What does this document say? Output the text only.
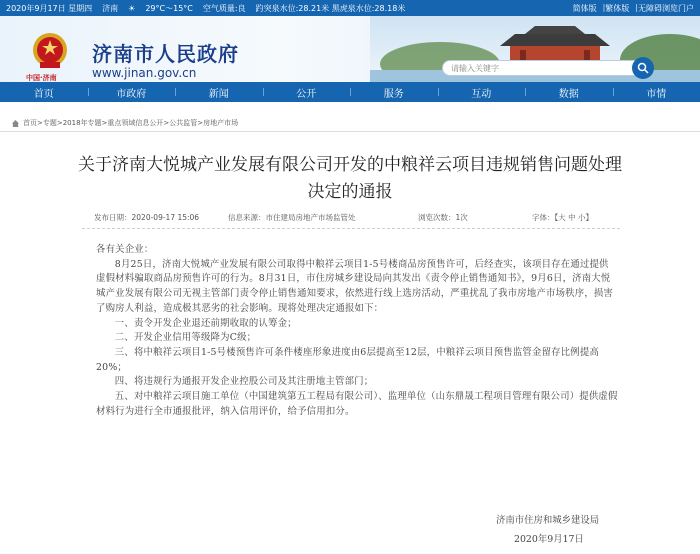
2020年9月17日 星期四 济南 ☀ 29°C～15°C 空气质量:良 趵突泉水位:28.21米 黑虎泉水位:28.18米	简体版 | 繁体版 | 无障碍浏览门户
中国·济南
济南市人民政府
www.jinan.gov.cn	请输入关键字
首页	市政府	新闻	公开	服务	互动	数据	市情
首页>专题>2018年专题>重点领域信息公开>公共监管>房地产市场
关于济南大悦城产业发展有限公司开发的中粮祥云项目违规销售问题处理
决定的通报
发布日期：2020-09-17 15:06	信息来源：市住建局房地产市场监管处	浏览次数：1次	字体：【大 中 小】

各有关企业：

8月25日，济南大悦城产业发展有限公司取得中粮祥云项目1-5号楼商品房预售许可，后经查实，该项目存在通过提供虚假材料骗取商品房预售许可的行为。8月31日，市住房城乡建设局向其发出《责令停止销售通知书》，9月6日，济南大悦城产业发展有限公司无视主管部门责令停止销售通知要求，依然进行线上选房活动，严重扰乱了我市房地产市场秩序，损害了购房人利益，造成极其恶劣的社会影响。现将处理决定通报如下：

一、责令开发企业退还前期收取的认筹金；

二、开发企业信用等级降为C级；

三、将中粮祥云项目1-5号楼预售许可条件楼座形象进度由6层提高至12层，中粮祥云项目预售监管金留存比例提高20%；

四、将违规行为通报开发企业控股公司及其注册地主管部门；

五、对中粮祥云项目施工单位（中国建筑第五工程局有限公司）、监理单位（山东鼎晟工程项目管理有限公司）提供虚假材料行为进行全市通报批评，纳入信用评价，给予信用扣分。

济南市住房和城乡建设局
2020年9月17日
